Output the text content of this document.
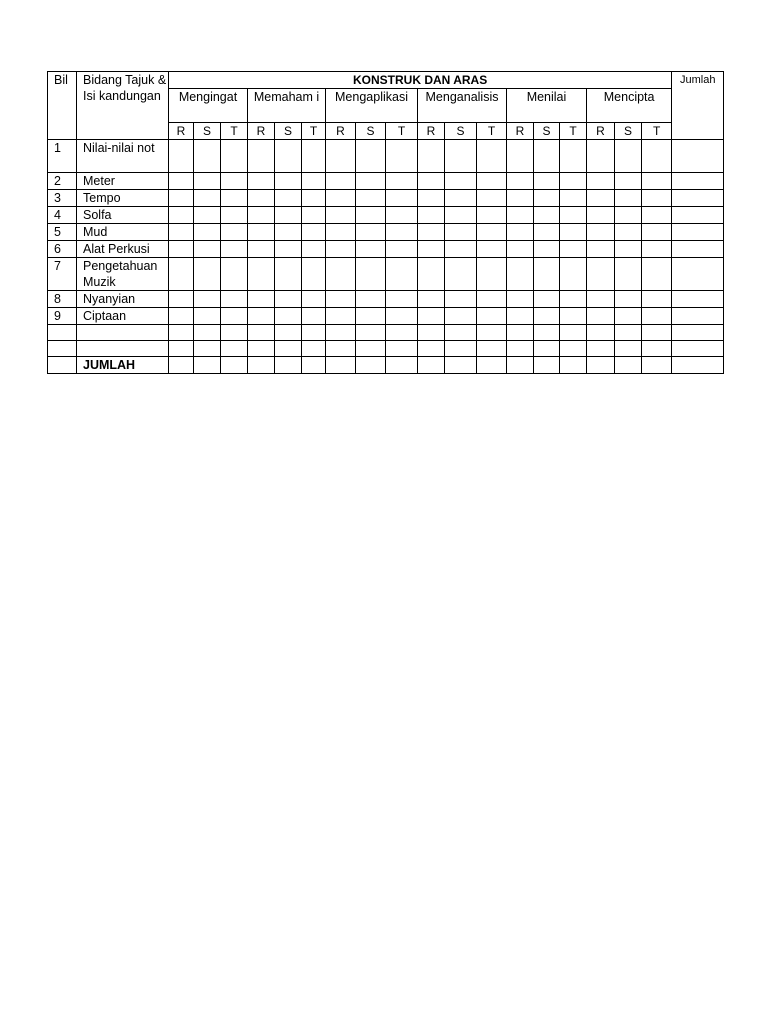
Bil	Bidang Tajuk & Isi kandungan	KONSTRUK DAN ARAS																		Jumlah
		Mengingat			Memaham i			Mengaplikasi			Menganalisis			Menilai			Mencipta			
		R	S	T	R	S	T	R	S	T	R	S	T	R	S	T	R	S	T	
1	Nilai-nilai not																			
2	Meter																			
3	Tempo																			
4	Solfa																			
5	Mud																			
6	Alat Perkusi																			
7	Pengetahuan Muzik																			
8	Nyanyian																			
9	Ciptaan																			

	JUMLAH																			
